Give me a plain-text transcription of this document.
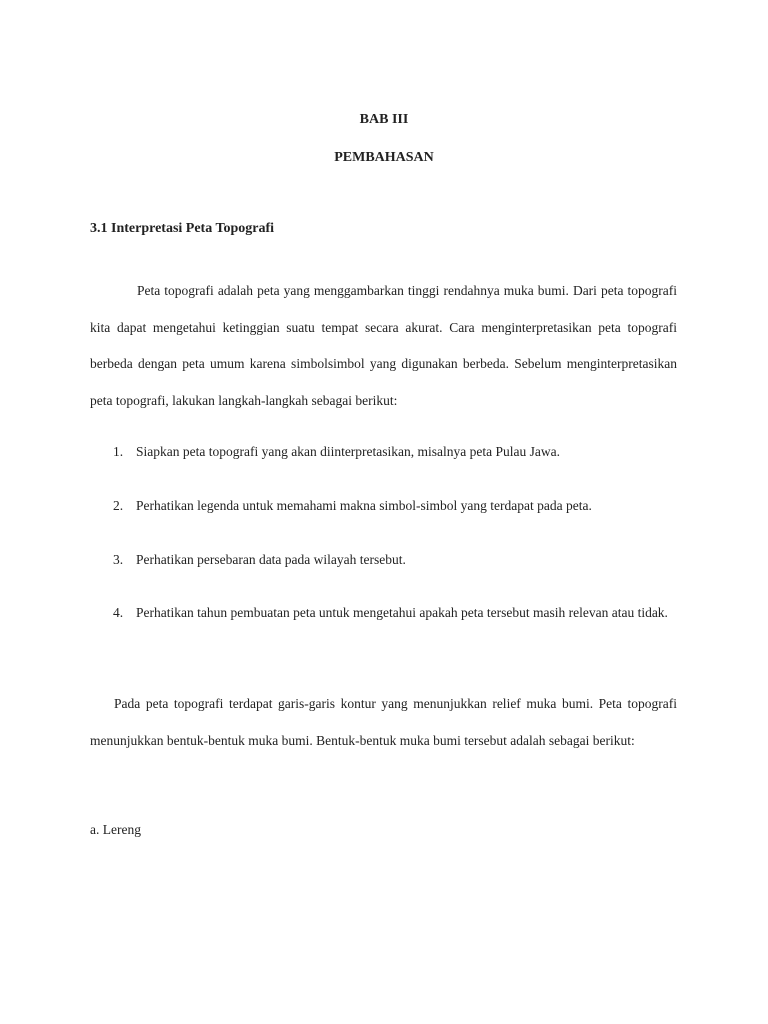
BAB III
PEMBAHASAN
3.1 Interpretasi Peta Topografi

Peta topografi adalah peta yang menggambarkan tinggi rendahnya muka bumi. Dari peta topografi kita dapat mengetahui ketinggian suatu tempat secara akurat. Cara menginterpretasikan peta topografi berbeda dengan peta umum karena simbolsimbol yang digunakan berbeda. Sebelum menginterpretasikan peta topografi, lakukan langkah-langkah sebagai berikut:

1. Siapkan peta topografi yang akan diinterpretasikan, misalnya peta Pulau Jawa.
2. Perhatikan legenda untuk memahami makna simbol-simbol yang terdapat pada peta.
3. Perhatikan persebaran data pada wilayah tersebut.
4. Perhatikan tahun pembuatan peta untuk mengetahui apakah peta tersebut masih relevan atau tidak.

Pada peta topografi terdapat garis-garis kontur yang menunjukkan relief muka bumi. Peta topografi menunjukkan bentuk-bentuk muka bumi. Bentuk-bentuk muka bumi tersebut adalah sebagai berikut:

a. Lereng
